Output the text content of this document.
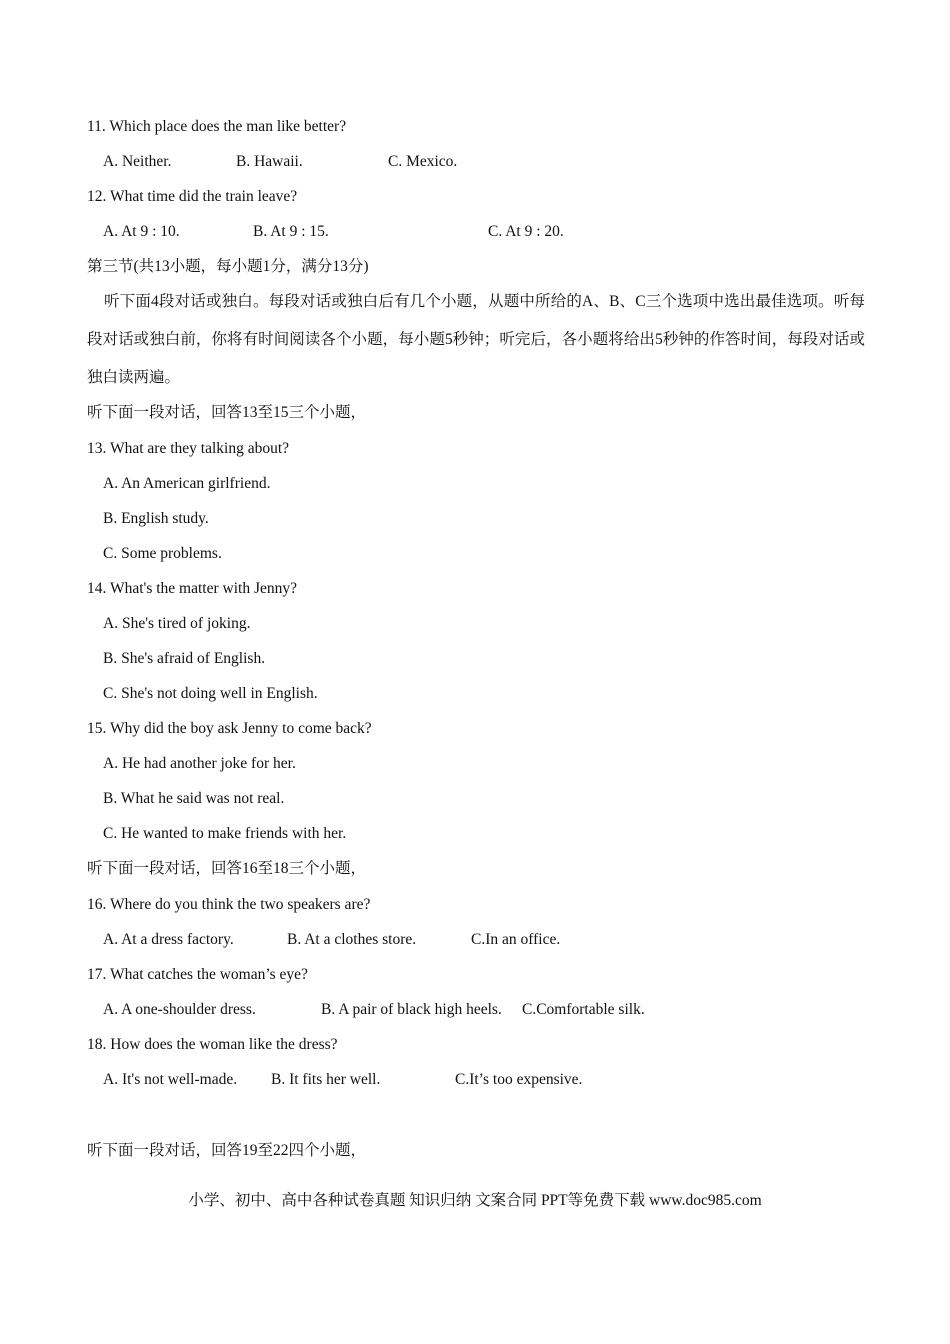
11. Which place does the man like better?
A. Neither.	B. Hawaii.	C. Mexico.
12. What time did the train leave?
A. At 9 : 10.	B. At 9 : 15.	C. At 9 : 20.
第三节(共13小题，每小题1分，满分13分)
听下面4段对话或独白。每段对话或独白后有几个小题，从题中所给的A、B、C三个选项中选出最佳选项。听每段对话或独白前，你将有时间阅读各个小题，每小题5秒钟；听完后，各小题将给出5秒钟的作答时间，每段对话或独白读两遍。
听下面一段对话，回答13至15三个小题，
13. What are they talking about?
A. An American girlfriend.
B. English study.
C. Some problems.
14. What's the matter with Jenny?
A. She's tired of joking.
B. She's afraid of English.
C. She's not doing well in English.
15. Why did the boy ask Jenny to come back?
A. He had another joke for her.
B. What he said was not real.
C. He wanted to make friends with her.
听下面一段对话，回答16至18三个小题，
16. Where do you think the two speakers are?
A. At a dress factory.	B. At a clothes store.	C.In an office.
17. What catches the woman’s eye?
A. A one-shoulder dress.	B. A pair of black high heels. C.Comfortable silk.
18. How does the woman like the dress?
A. It's not well-made. B. It fits her well.	C.It’s too expensive.
听下面一段对话，回答19至22四个小题，
小学、初中、高中各种试卷真题 知识归纳 文案合同 PPT等免费下载 www.doc985.com
